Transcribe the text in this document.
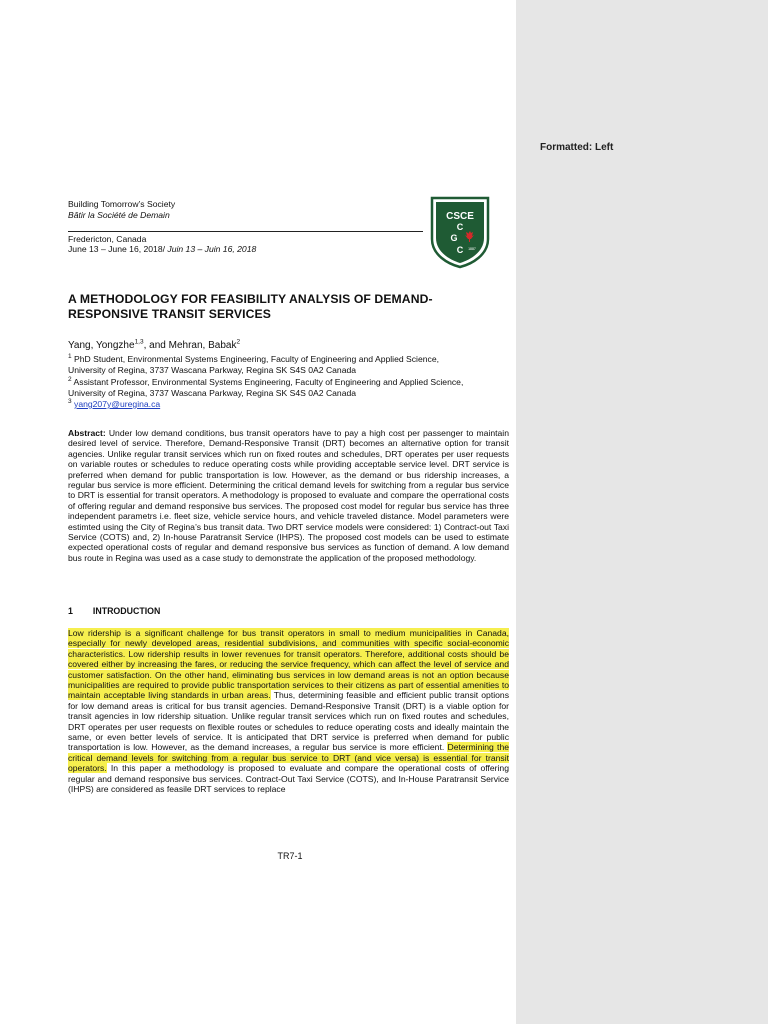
Building Tomorrow’s Society
Bâtir la Société de Demain
Fredericton, Canada
June 13 – June 16, 2018/ Juin 13 – Juin 16, 2018
CSCE
C
G
C 1887
A METHODOLOGY FOR FEASIBILITY ANALYSIS OF DEMAND-RESPONSIVE TRANSIT SERVICES
Yang, Yongzhe$^{1,3}$, and Mehran, Babak$^2$
$^1$ PhD Student, Environmental Systems Engineering, Faculty of Engineering and Applied Science,
University of Regina, 3737 Wascana Parkway, Regina SK S4S 0A2 Canada
$^2$ Assistant Professor, Environmental Systems Engineering, Faculty of Engineering and Applied Science,
University of Regina, 3737 Wascana Parkway, Regina SK S4S 0A2 Canada
$^3$ yang207y@uregina.ca
Abstract: Under low demand conditions, bus transit operators have to pay a high cost per passenger to maintain desired level of service. Therefore, Demand-Responsive Transit (DRT) becomes an alternative option for transit agencies. Unlike regular transit services which run on fixed routes and schedules, DRT operates per user requests on variable routes or schedules to reduce operating costs while providing acceptable service level. DRT service is preferred when demand for public transportation is low. However, as the demand or bus ridership increases, a regular bus service is more efficient. Determining the critical demand levels for switching from a regular bus service to DRT is essential for transit operators. A methodology is proposed to evaluate and compare the operrational costs of offering regular and demand responsive bus services. The proposed cost model for regular bus service has three independent parametrs i.e. fleet size, vehicle service hours, and vehicle traveled distance. Model parameters were estimted using the City of Regina’s bus transit data. Two DRT service models were considered: 1) Contract-out Taxi Service (COTS) and, 2) In-house Paratransit Service (IHPS). The proposed cost models can be used to estimate expected operational costs of regular and demand responsive bus services as function of demand. A low demand bus route in Regina was used as a case study to demonstrate the application of the proposed methodology.
1 INTRODUCTION
Low ridership is a significant challenge for bus transit operators in small to medium municipalities in Canada, especially for newly developed areas, residential subdivisions, and communities with specific social-economic characteristics. Low ridership results in lower revenues for transit operators. Therefore, additional costs should be covered either by increasing the fares, or reducing the service frequency, which can affect the level of service and customer satisfaction. On the other hand, eliminating bus services in low demand areas is not an option because municipalities are required to provide public transportation services to their citizens as part of essential amenities to maintain acceptable living standards in urban areas. Thus, determining feasible and efficient public transit options for low demand areas is critical for bus transit agencies. Demand-Responsive Transit (DRT) is a viable option for transit agencies in low ridership situation. Unlike regular transit services which run on fixed routes and schedules, DRT operates per user requests on flexible routes or schedules to reduce operating costs and ideally maintain the same, or even better levels of service. It is anticipated that DRT service is preferred when demand for public transportation is low. However, as the demand increases, a regular bus service is more efficient. Determining the critical demand levels for switching from a regular bus service to DRT (and vice versa) is essential for transit operators. In this paper a methodology is proposed to evaluate and compare the operational costs of offering regular and demand responsive bus services. Contract-Out Taxi Service (COTS), and In-House Paratransit Service (IHPS) are considered as feasile DRT services to replace
TR7-1
Formatted: Left
